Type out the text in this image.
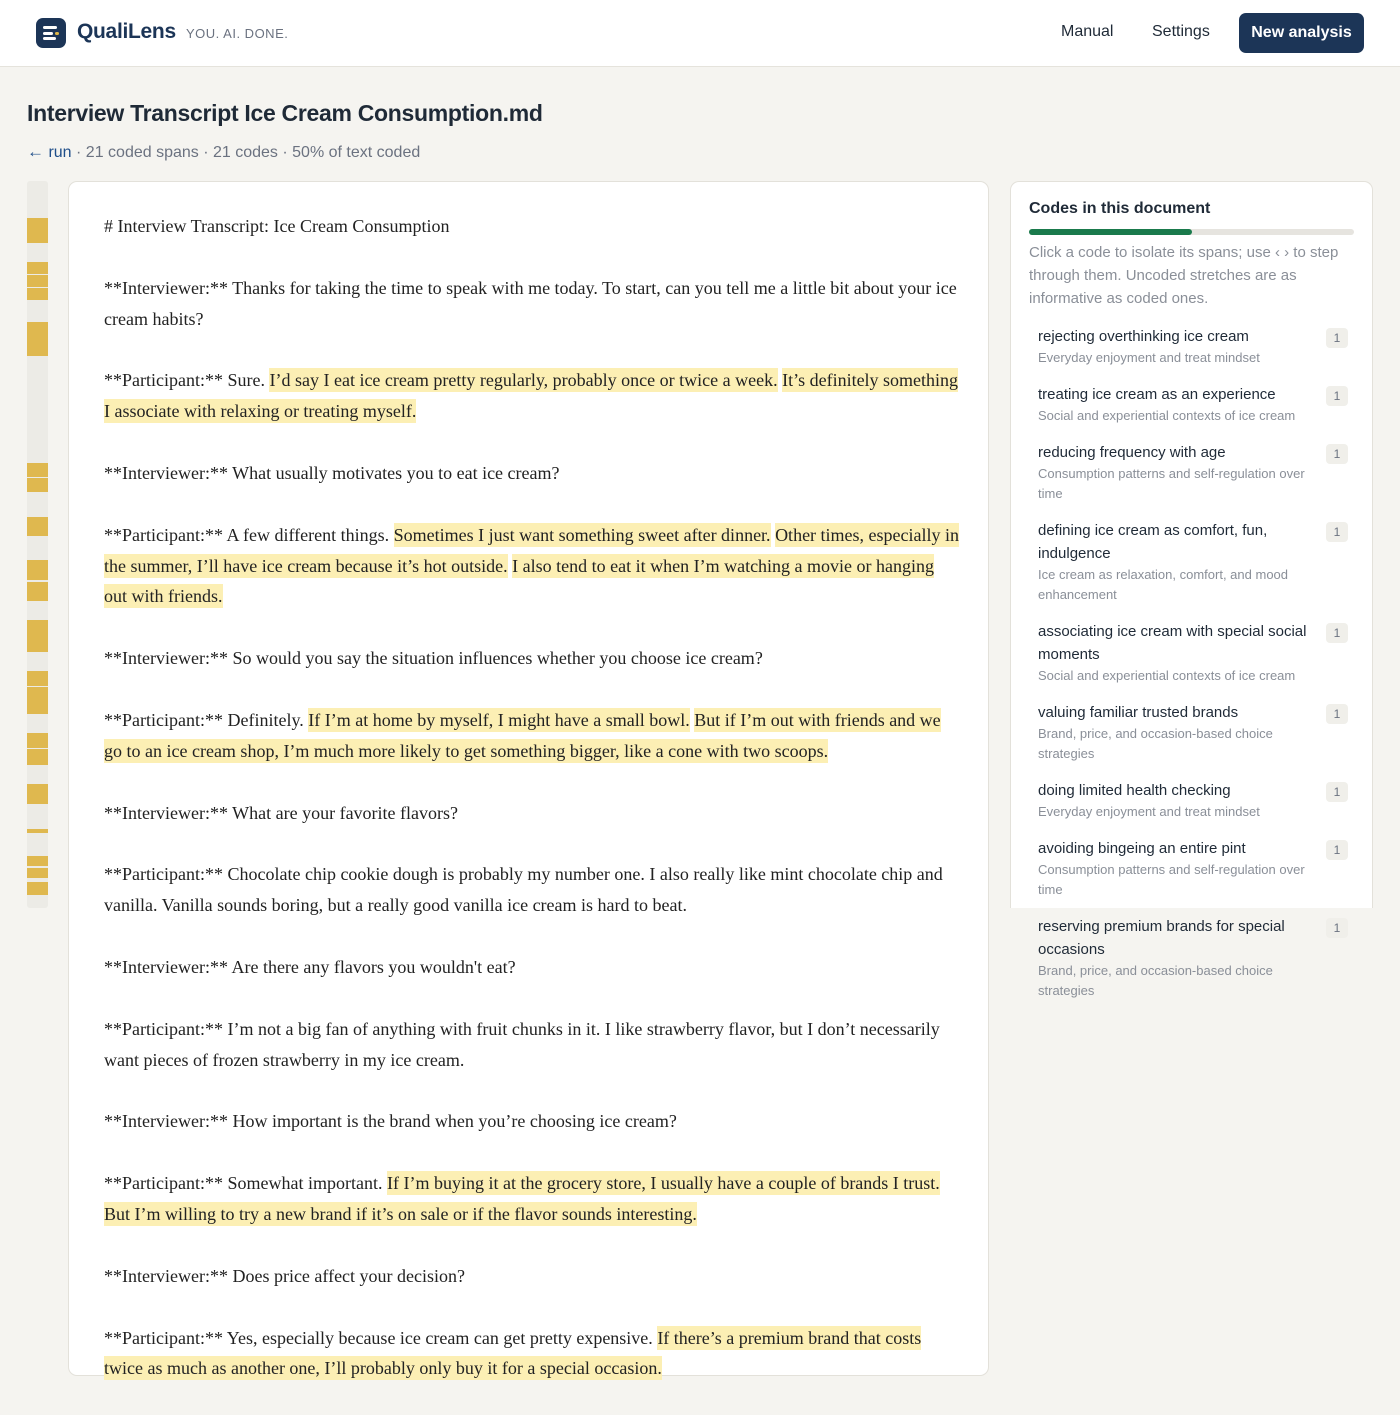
QualiLens YOU. AI. DONE.	Manual Settings	New analysis
Interview Transcript Ice Cream Consumption.md
← run · 21 coded spans · 21 codes · 50% of text coded

# Interview Transcript: Ice Cream Consumption

**Interviewer:** Thanks for taking the time to speak with me today. To start, can you tell me a little bit about your ice cream habits?

**Participant:** Sure. I’d say I eat ice cream pretty regularly, probably once or twice a week. It’s definitely something I associate with relaxing or treating myself.

**Interviewer:** What usually motivates you to eat ice cream?

**Participant:** A few different things. Sometimes I just want something sweet after dinner. Other times, especially in the summer, I’ll have ice cream because it’s hot outside. I also tend to eat it when I’m watching a movie or hanging out with friends.

**Interviewer:** So would you say the situation influences whether you choose ice cream?

**Participant:** Definitely. If I’m at home by myself, I might have a small bowl. But if I’m out with friends and we go to an ice cream shop, I’m much more likely to get something bigger, like a cone with two scoops.

**Interviewer:** What are your favorite flavors?

**Participant:** Chocolate chip cookie dough is probably my number one. I also really like mint chocolate chip and vanilla. Vanilla sounds boring, but a really good vanilla ice cream is hard to beat.

**Interviewer:** Are there any flavors you wouldn't eat?

**Participant:** I’m not a big fan of anything with fruit chunks in it. I like strawberry flavor, but I don’t necessarily want pieces of frozen strawberry in my ice cream.

**Interviewer:** How important is the brand when you’re choosing ice cream?

**Participant:** Somewhat important. If I’m buying it at the grocery store, I usually have a couple of brands I trust. But I’m willing to try a new brand if it’s on sale or if the flavor sounds interesting.

**Interviewer:** Does price affect your decision?

**Participant:** Yes, especially because ice cream can get pretty expensive. If there’s a premium brand that costs twice as much as another one, I’ll probably only buy it for a special occasion.

Codes in this document
Click a code to isolate its spans; use ‹ › to step through them. Uncoded stretches are as informative as coded ones.
rejecting overthinking ice cream
Everyday enjoyment and treat mindset
1
treating ice cream as an experience
Social and experiential contexts of ice cream
1
reducing frequency with age
Consumption patterns and self-regulation over time
1
defining ice cream as comfort, fun, indulgence
Ice cream as relaxation, comfort, and mood enhancement
1
associating ice cream with special social moments
Social and experiential contexts of ice cream
1
valuing familiar trusted brands
Brand, price, and occasion-based choice strategies
1
doing limited health checking
Everyday enjoyment and treat mindset
1
avoiding bingeing an entire pint
Consumption patterns and self-regulation over time
1
reserving premium brands for special occasions
Brand, price, and occasion-based choice strategies
1
